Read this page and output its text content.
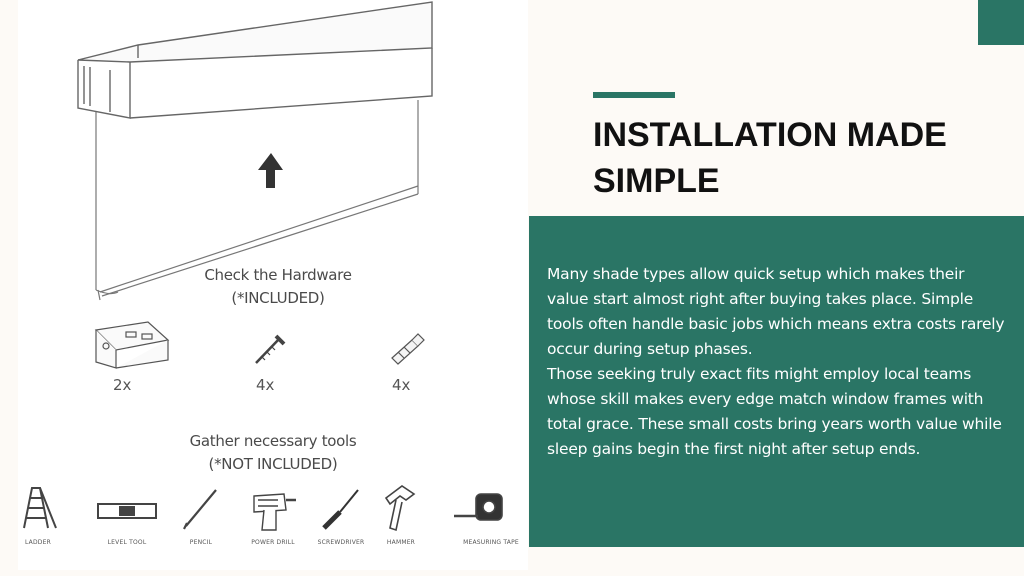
Check the Hardware
(*INCLUDED)
2x	4x	4x
Gather necessary tools
(*NOT INCLUDED)
LADDER	LEVEL TOOL	PENCIL	POWER DRILL	SCREWDRIVER	HAMMER	MEASURING TAPE
INSTALLATION MADE
SIMPLE

Many shade types allow quick setup which makes their value start almost right after buying takes place. Simple tools often handle basic jobs which means extra costs rarely occur during setup phases.

Those seeking truly exact fits might employ local teams whose skill makes every edge match window frames with total grace. These small costs bring years worth value while sleep gains begin the first night after setup ends.
